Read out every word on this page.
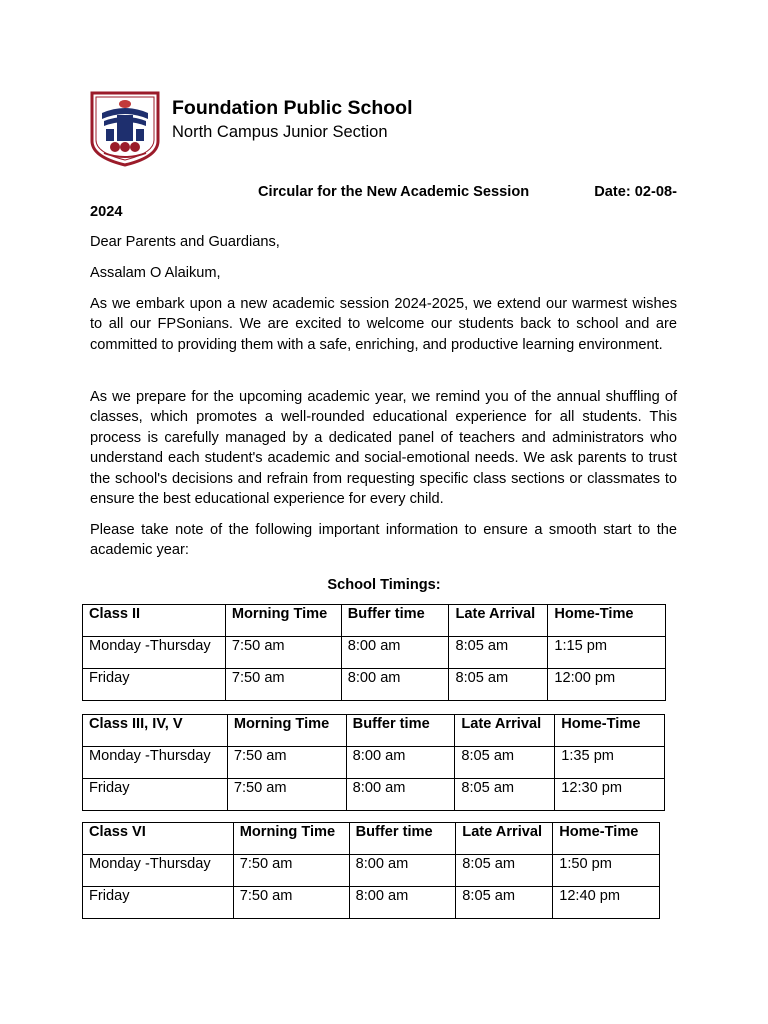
Foundation Public School
North Campus Junior Section
Circular for the New Academic Session	Date: 02-08-
2024
Dear Parents and Guardians,
Assalam O Alaikum,

As we embark upon a new academic session 2024-2025, we extend our warmest wishes to all our FPSonians. We are excited to welcome our students back to school and are committed to providing them with a safe, enriching, and productive learning environment.

As we prepare for the upcoming academic year, we remind you of the annual shuffling of classes, which promotes a well-rounded educational experience for all students. This process is carefully managed by a dedicated panel of teachers and administrators who understand each student's academic and social-emotional needs. We ask parents to trust the school's decisions and refrain from requesting specific class sections or classmates to ensure the best educational experience for every child.

Please take note of the following important information to ensure a smooth start to the academic year:

School Timings:
Class II	Morning Time	Buffer time	Late Arrival	Home-Time
Monday -Thursday	7:50 am	8:00 am	8:05 am	1:15 pm
Friday	7:50 am	8:00 am	8:05 am	12:00 pm
Class III, IV, V	Morning Time	Buffer time	Late Arrival	Home-Time
Monday -Thursday	7:50 am	8:00 am	8:05 am	1:35 pm
Friday	7:50 am	8:00 am	8:05 am	12:30 pm
Class VI	Morning Time	Buffer time	Late Arrival	Home-Time
Monday -Thursday	7:50 am	8:00 am	8:05 am	1:50 pm
Friday	7:50 am	8:00 am	8:05 am	12:40 pm
